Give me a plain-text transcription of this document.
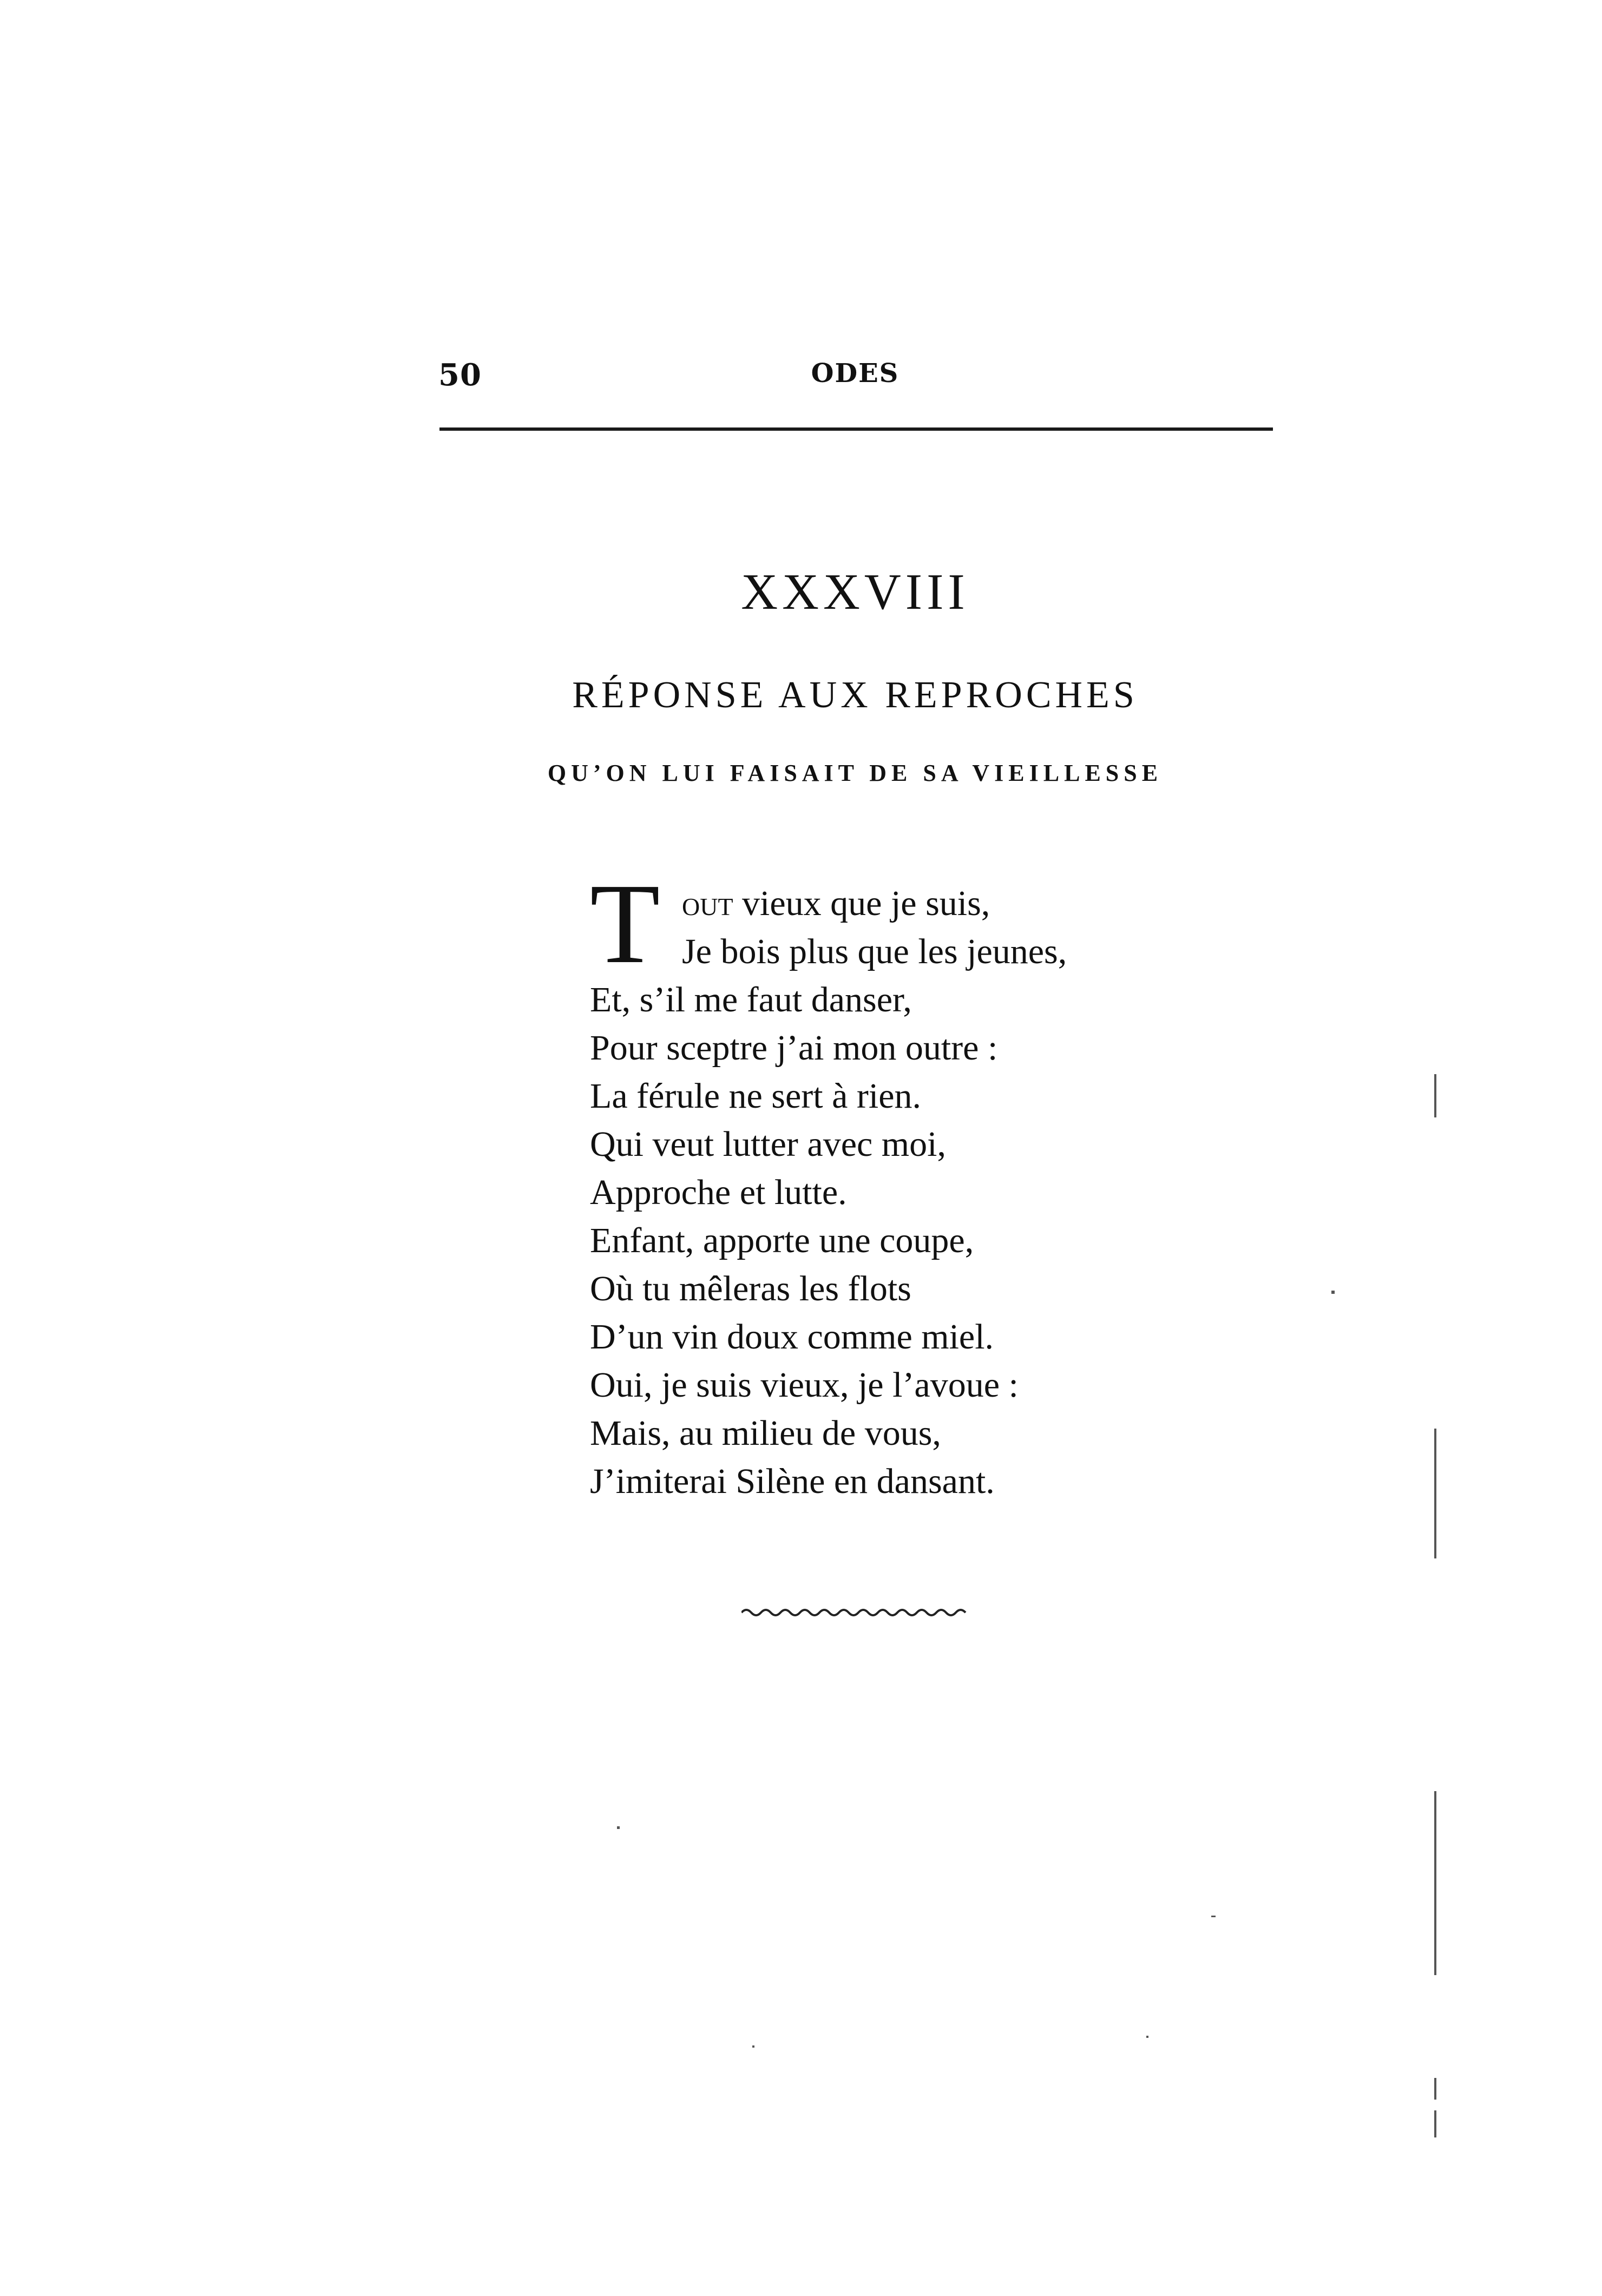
50	ODES
XXXVIII
RÉPONSE AUX REPROCHES
QU’ON LUI FAISAIT DE SA VIEILLESSE
T out vieux que je suis,
Je bois plus que les jeunes,
Et, s’il me faut danser,
Pour sceptre j’ai mon outre :
La férule ne sert à rien.
Qui veut lutter avec moi,
Approche et lutte.
Enfant, apporte une coupe,
Où tu mêleras les flots
D’un vin doux comme miel.
Oui, je suis vieux, je l’avoue :
Mais, au milieu de vous,
J’imiterai Silène en dansant.
